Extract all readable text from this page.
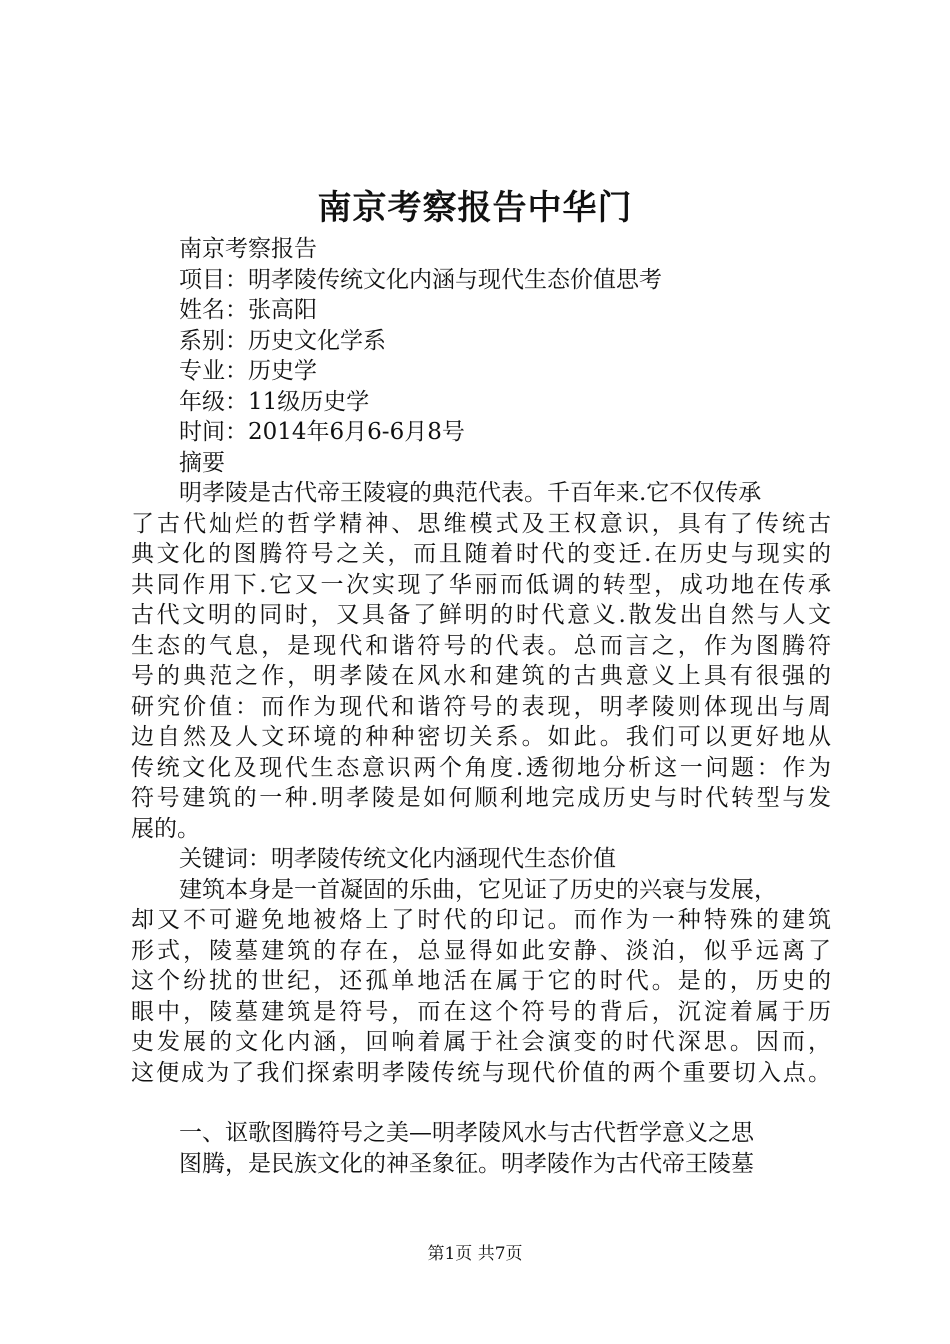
南京考察报告中华门
南京考察报告
项目：明孝陵传统文化内涵与现代生态价值思考
姓名：张高阳
系别：历史文化学系
专业：历史学
年级：11级历史学
时间：2014年6月6-6月8号
摘要
明孝陵是古代帝王陵寝的典范代表。千百年来.它不仅传承
了古代灿烂的哲学精神、思维模式及王权意识，具有了传统古
典文化的图腾符号之关，而且随着时代的变迁.在历史与现实的
共同作用下.它又一次实现了华丽而低调的转型，成功地在传承
古代文明的同时，又具备了鲜明的时代意义.散发出自然与人文
生态的气息，是现代和谐符号的代表。总而言之，作为图腾符
号的典范之作，明孝陵在风水和建筑的古典意义上具有很强的
研究价值：而作为现代和谐符号的表现，明孝陵则体现出与周
边自然及人文环境的种种密切关系。如此。我们可以更好地从
传统文化及现代生态意识两个角度.透彻地分析这一问题：作为
符号建筑的一种.明孝陵是如何顺利地完成历史与时代转型与发
展的。
关键词：明孝陵传统文化内涵现代生态价值
建筑本身是一首凝固的乐曲，它见证了历史的兴衰与发展，
却又不可避免地被烙上了时代的印记。而作为一种特殊的建筑
形式，陵墓建筑的存在，总显得如此安静、淡泊，似乎远离了
这个纷扰的世纪，还孤单地活在属于它的时代。是的，历史的
眼中，陵墓建筑是符号，而在这个符号的背后，沉淀着属于历
史发展的文化内涵，回响着属于社会演变的时代深思。因而，
这便成为了我们探索明孝陵传统与现代价值的两个重要切入点。
一、讴歌图腾符号之美—明孝陵风水与古代哲学意义之思
图腾，是民族文化的神圣象征。明孝陵作为古代帝王陵墓
第1页 共7页
